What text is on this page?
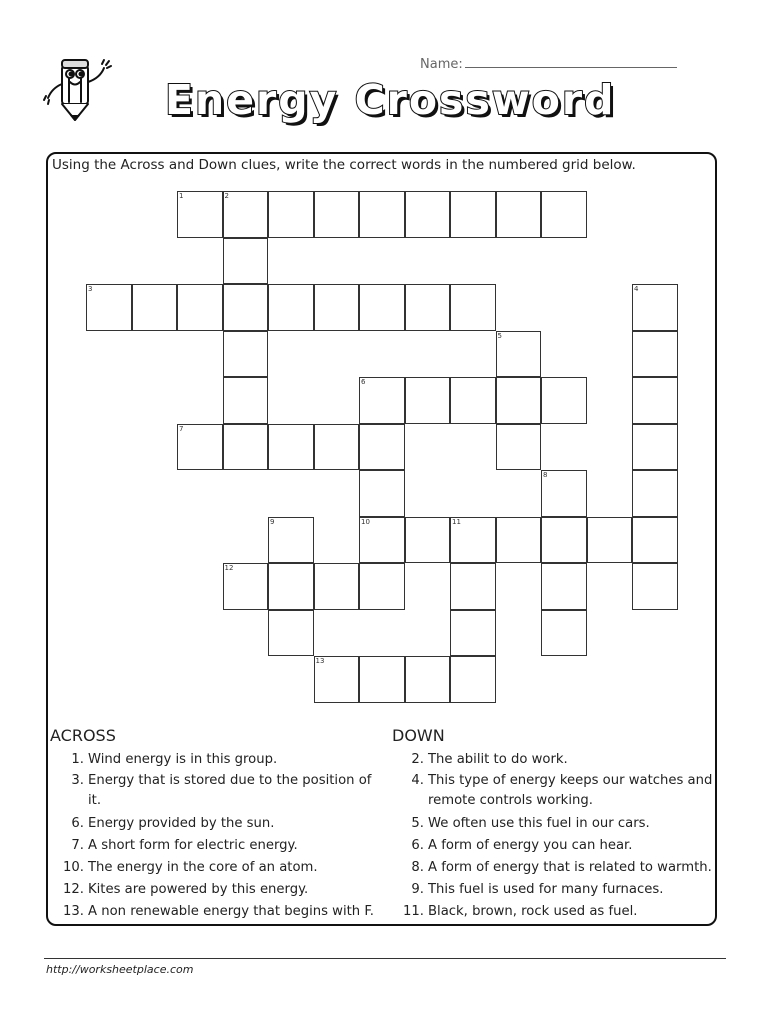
Name:
Energy Crossword
Using the Across and Down clues, write the correct words in the numbered grid below.
1	2
3	4
5
6
7
8
9	10	11
12
13
ACROSS
1. Wind energy is in this group.
3. Energy that is stored due to the position of it.
6. Energy provided by the sun.
7. A short form for electric energy.
10. The energy in the core of an atom.
12. Kites are powered by this energy.
13. A non renewable energy that begins with F.
DOWN
2. The abilit to do work.
4. This type of energy keeps our watches and remote controls working.
5. We often use this fuel in our cars.
6. A form of energy you can hear.
8. A form of energy that is related to warmth.
9. This fuel is used for many furnaces.
11. Black, brown, rock used as fuel.
http://worksheetplace.com
